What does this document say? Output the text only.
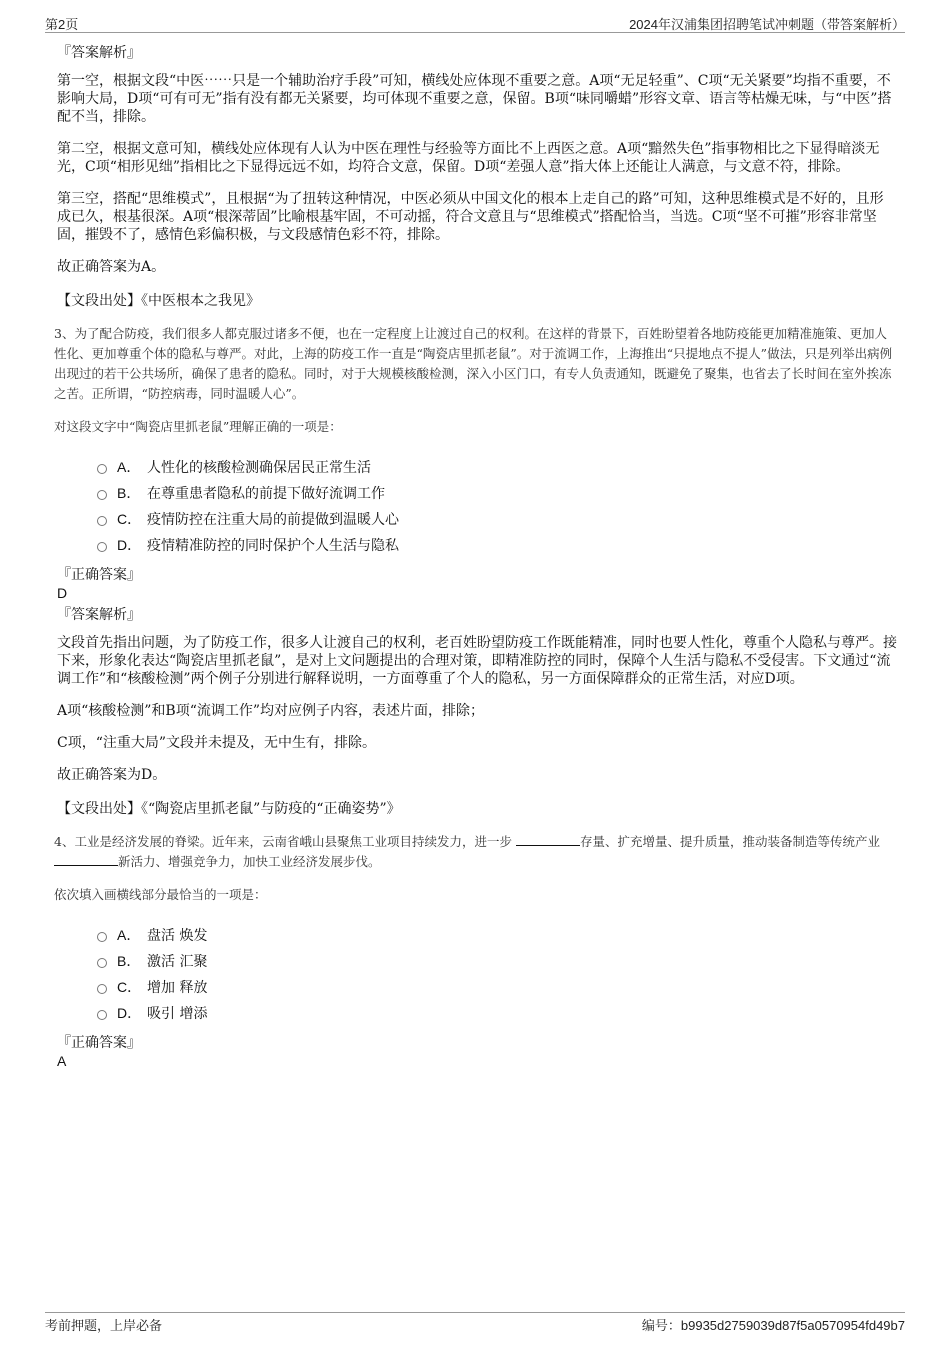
第2页	2024年汉浦集团招聘笔试冲刺题（带答案解析）
『答案解析』

第一空，根据文段“中医⋯⋯只是一个辅助治疗手段”可知，横线处应体现不重要之意。A项“无足轻重”、C项“无关紧要”均指不重要，不影响大局，D项“可有可无”指有没有都无关紧要，均可体现不重要之意，保留。B项“味同嚼蜡”形容文章、语言等枯燥无味，与“中医”搭配不当，排除。

第二空，根据文意可知，横线处应体现有人认为中医在理性与经验等方面比不上西医之意。A项“黯然失色”指事物相比之下显得暗淡无光，C项“相形见绌”指相比之下显得远远不如，均符合文意，保留。D项“差强人意”指大体上还能让人满意，与文意不符，排除。

第三空，搭配“思维模式”，且根据“为了扭转这种情况，中医必须从中国文化的根本上走自己的路”可知，这种思维模式是不好的，且形成已久，根基很深。A项“根深蒂固”比喻根基牢固，不可动摇，符合文意且与“思维模式”搭配恰当，当选。C项“坚不可摧”形容非常坚固，摧毁不了，感情色彩偏积极，与文段感情色彩不符，排除。

故正确答案为A。

【文段出处】《中医根本之我见》

3、为了配合防疫，我们很多人都克服过诸多不便，也在一定程度上让渡过自己的权利。在这样的背景下，百姓盼望着各地防疫能更加精准施策、更加人性化、更加尊重个体的隐私与尊严。对此，上海的防疫工作一直是“陶瓷店里抓老鼠”。对于流调工作，上海推出“只提地点不提人”做法，只是列举出病例出现过的若干公共场所，确保了患者的隐私。同时，对于大规模核酸检测，深入小区门口，有专人负责通知，既避免了聚集，也省去了长时间在室外挨冻之苦。正所谓，“防控病毒，同时温暖人心”。

对这段文字中“陶瓷店里抓老鼠”理解正确的一项是：

A． 人性化的核酸检测确保居民正常生活
B． 在尊重患者隐私的前提下做好流调工作
C． 疫情防控在注重大局的前提做到温暖人心
D． 疫情精准防控的同时保护个人生活与隐私
『正确答案』
D
『答案解析』

文段首先指出问题，为了防疫工作，很多人让渡自己的权利，老百姓盼望防疫工作既能精准，同时也要人性化，尊重个人隐私与尊严。接下来，形象化表达“陶瓷店里抓老鼠”，是对上文问题提出的合理对策，即精准防控的同时，保障个人生活与隐私不受侵害。下文通过“流调工作”和“核酸检测”两个例子分别进行解释说明，一方面尊重了个人的隐私，另一方面保障群众的正常生活，对应D项。

A项“核酸检测”和B项“流调工作”均对应例子内容，表述片面，排除；

C项，“注重大局”文段并未提及，无中生有，排除。

故正确答案为D。

【文段出处】《“陶瓷店里抓老鼠”与防疫的“正确姿势”》

4、工业是经济发展的脊梁。近年来，云南省峨山县聚焦工业项目持续发力，进一步	存量、扩充增量、提升质量，推动装备制造等传统产业 新活力、增强竞争力，加快工业经济发展步伐。

依次填入画横线部分最恰当的一项是：

A． 盘活 焕发
B． 激活 汇聚
C． 增加 释放
D． 吸引 增添
『正确答案』
A
考前押题，上岸必备	编号：b9935d2759039d87f5a0570954fd49b7
